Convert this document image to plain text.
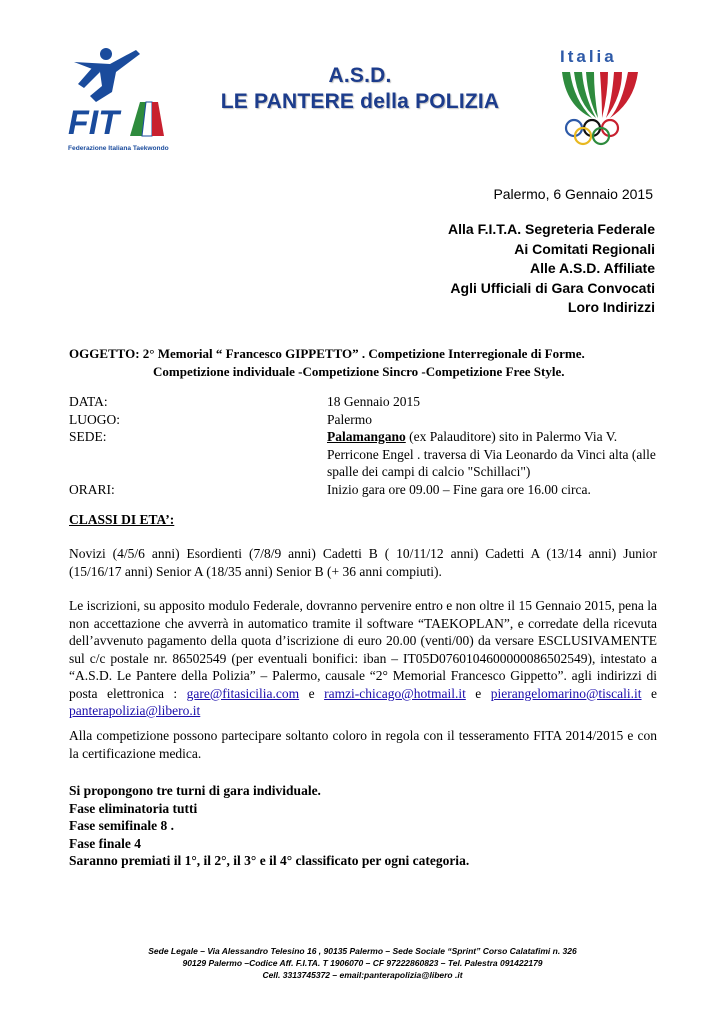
FIT
Federazione Italiana Taekwondo
A.S.D.
LE PANTERE della POLIZIA
Italia
Palermo, 6 Gennaio 2015
Alla F.I.T.A. Segreteria Federale
Ai Comitati Regionali
Alle A.S.D. Affiliate
Agli Ufficiali di Gara Convocati
Loro Indirizzi
OGGETTO: 2° Memorial “ Francesco GIPPETTO” . Competizione Interregionale di Forme.
Competizione individuale -Competizione Sincro -Competizione Free Style.
DATA:	18 Gennaio 2015
LUOGO:	Palermo
SEDE:	Palamangano (ex Palauditore) sito in Palermo Via V. Perricone Engel . traversa di Via Leonardo da Vinci alta (alle spalle dei campi di calcio "Schillaci")
ORARI:	Inizio gara ore 09.00 – Fine gara ore 16.00 circa.
CLASSI DI ETA’:
Novizi (4/5/6 anni) Esordienti (7/8/9 anni) Cadetti B ( 10/11/12 anni) Cadetti A (13/14 anni) Junior (15/16/17 anni) Senior A (18/35 anni) Senior B (+ 36 anni compiuti).
Le iscrizioni, su apposito modulo Federale, dovranno pervenire entro e non oltre il 15 Gennaio 2015, pena la non accettazione che avverrà in automatico tramite il software “TAEKOPLAN”, e corredate della ricevuta dell’avvenuto pagamento della quota d’iscrizione di euro 20.00 (venti/00) da versare ESCLUSIVAMENTE sul c/c postale nr. 86502549 (per eventuali bonifici: iban – IT05D0760104600000086502549), intestato a “A.S.D. Le Pantere della Polizia” – Palermo, causale “2° Memorial Francesco Gippetto”. agli indirizzi di posta elettronica : gare@fitasicilia.com e ramzi-chicago@hotmail.it e pierangelomarino@tiscali.it e panterapolizia@libero.it
Alla competizione possono partecipare soltanto coloro in regola con il tesseramento FITA 2014/2015 e con la certificazione medica.
Si propongono tre turni di gara individuale.
Fase eliminatoria tutti
Fase semifinale 8 .
Fase finale 4
Saranno premiati il 1°, il 2°, il 3° e il 4° classificato per ogni categoria.
Sede Legale – Via Alessandro Telesino 16 , 90135 Palermo – Sede Sociale “Sprint” Corso Calatafimi n. 326
90129 Palermo –Codice Aff. F.I.TA. T 1906070 – CF 97222860823 – Tel. Palestra 091422179
Cell. 3313745372 – email:panterapolizia@libero .it
